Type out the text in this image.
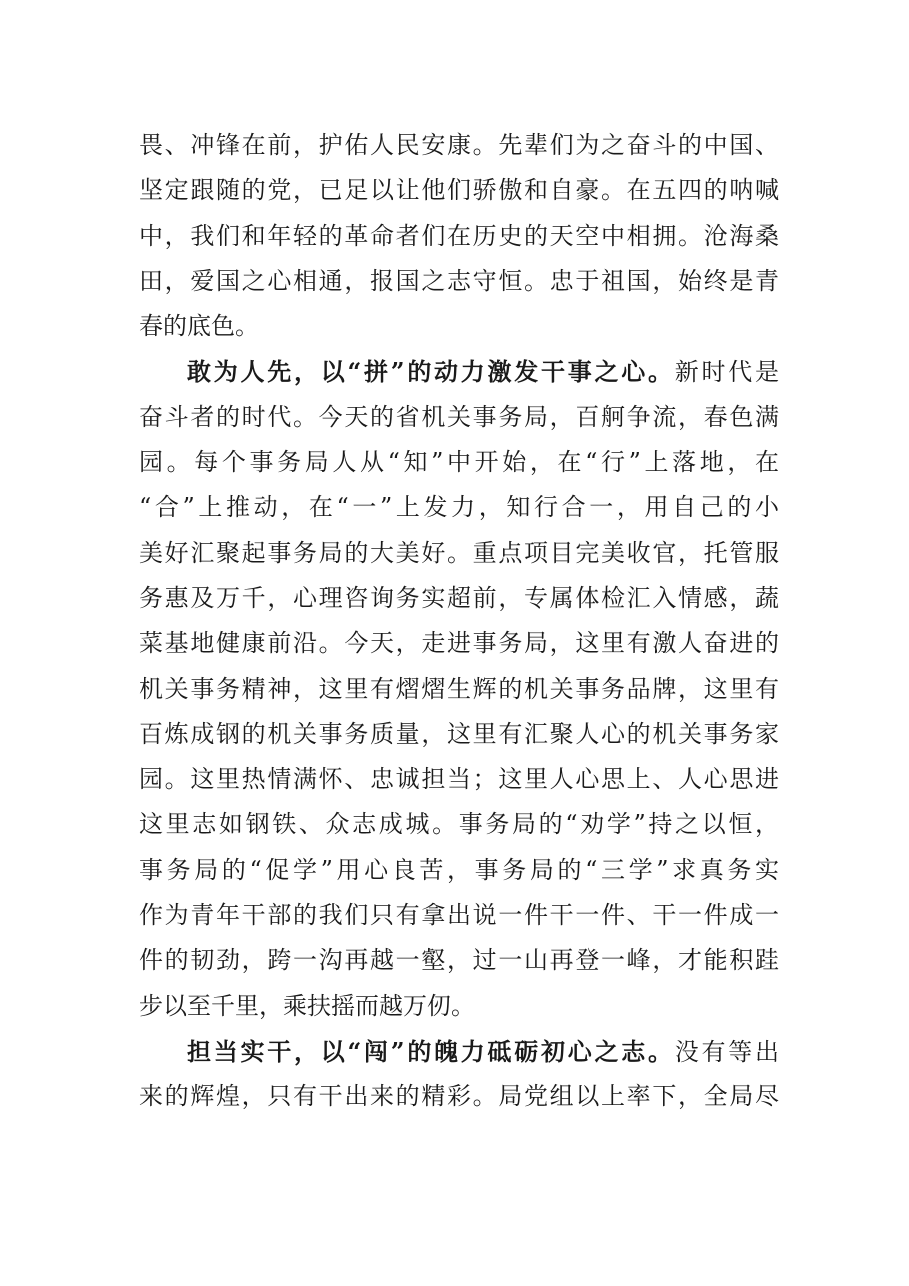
畏、冲锋在前，护佑人民安康。先辈们为之奋斗的中国、
坚定跟随的党，已足以让他们骄傲和自豪。在五四的呐喊
中，我们和年轻的革命者们在历史的天空中相拥。沧海桑
田，爱国之心相通，报国之志守恒。忠于祖国，始终是青
春的底色。
敢为人先，以“拼”的动力激发干事之心。新时代是
奋斗者的时代。今天的省机关事务局，百舸争流，春色满
园。每个事务局人从“知”中开始，在“行”上落地，在
“合”上推动，在“一”上发力，知行合一，用自己的小
美好汇聚起事务局的大美好。重点项目完美收官，托管服
务惠及万千，心理咨询务实超前，专属体检汇入情感，蔬
菜基地健康前沿。今天，走进事务局，这里有激人奋进的
机关事务精神，这里有熠熠生辉的机关事务品牌，这里有
百炼成钢的机关事务质量，这里有汇聚人心的机关事务家
园。这里热情满怀、忠诚担当；这里人心思上、人心思进
这里志如钢铁、众志成城。事务局的“劝学”持之以恒，
事务局的“促学”用心良苦，事务局的“三学”求真务实
作为青年干部的我们只有拿出说一件干一件、干一件成一
件的韧劲，跨一沟再越一壑，过一山再登一峰，才能积跬
步以至千里，乘扶摇而越万仞。
担当实干，以“闯”的魄力砥砺初心之志。没有等出
来的辉煌，只有干出来的精彩。局党组以上率下，全局尽
